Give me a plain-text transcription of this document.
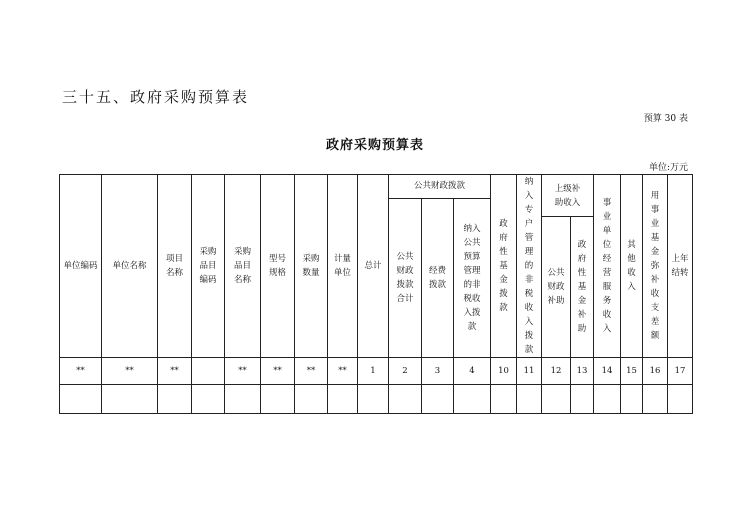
三十五、政府采购预算表
预算 30 表
政府采购预算表
单位:万元
单位编码	单位名称	项目名称	采购品目编码	采购品目名称	型号规格	采购数量	计量单位	总计	公共财政拨款			政府性基金拨款	纳入专户管理的非税收入拨款	上级补助收入		事业单位经营服务收入	其他收入	用事业基金弥补收支差额	上年结转
									公共财政拨款合计	经费拨款	纳入公共预算管理的非税收入拨款								
														公共财政补助	政府性基金补助				
**	**	**		**	**	**	**	1	2	3	4	10	11	12	13	14	15	16	17
